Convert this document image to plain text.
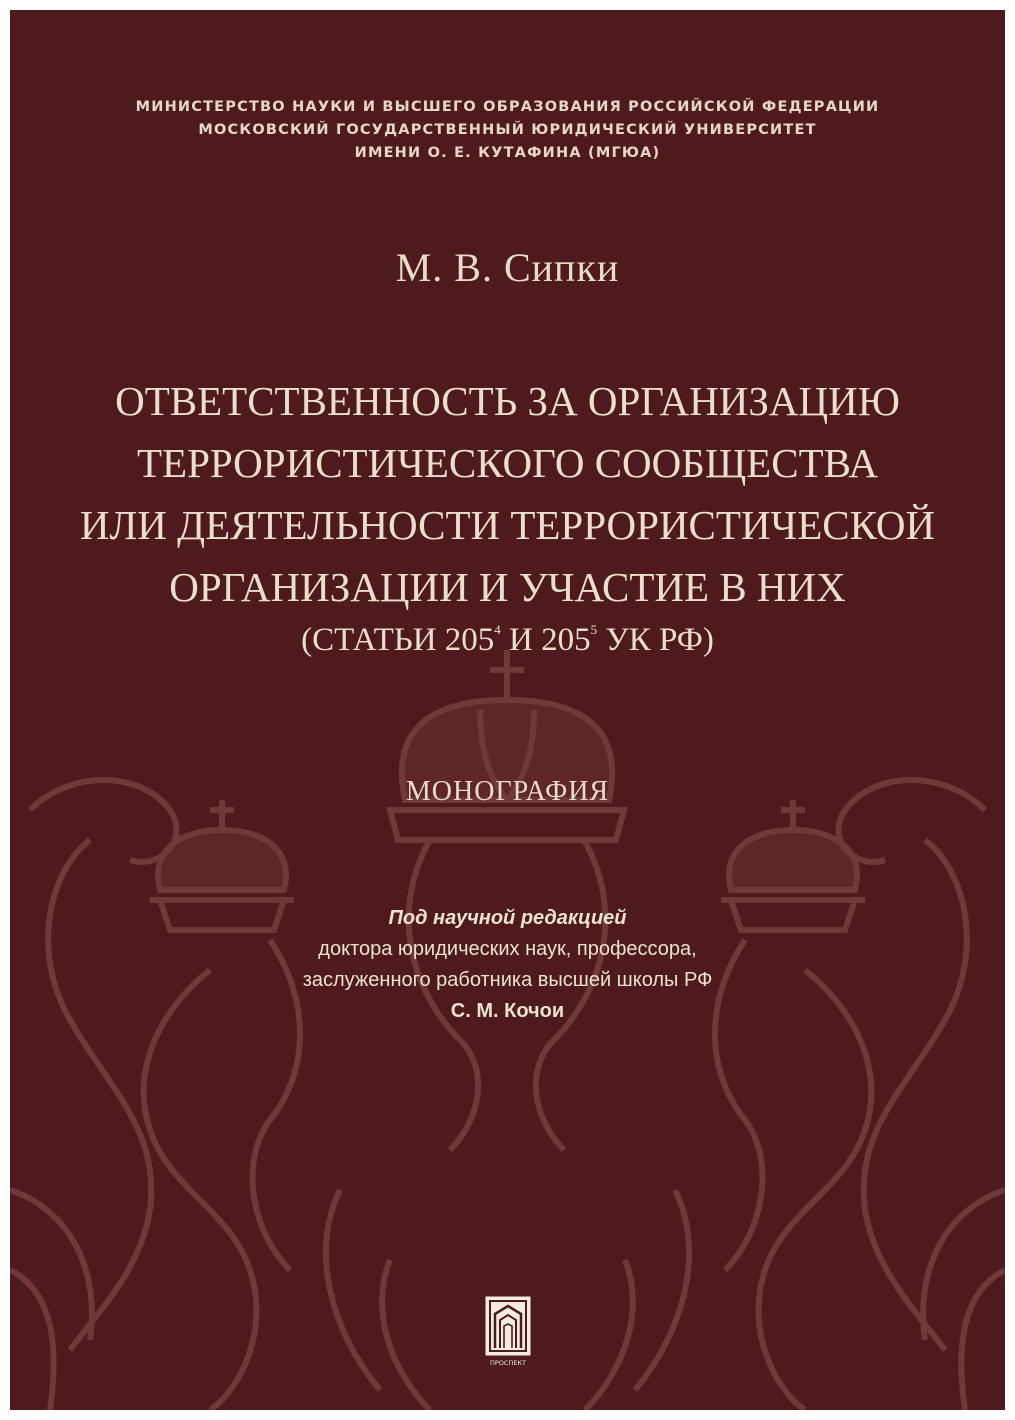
МИНИСТЕРСТВО НАУКИ И ВЫСШЕГО ОБРАЗОВАНИЯ РОССИЙСКОЙ ФЕДЕРАЦИИ
МОСКОВСКИЙ ГОСУДАРСТВЕННЫЙ ЮРИДИЧЕСКИЙ УНИВЕРСИТЕТ
ИМЕНИ О. Е. КУТАФИНА (МГЮА)
М. В. Сипки
ОТВЕТСТВЕННОСТЬ ЗА ОРГАНИЗАЦИЮ
ТЕРРОРИСТИЧЕСКОГО СООБЩЕСТВА
ИЛИ ДЕЯТЕЛЬНОСТИ ТЕРРОРИСТИЧЕСКОЙ
ОРГАНИЗАЦИИ И УЧАСТИЕ В НИХ
(СТАТЬИ $205^4$ И $205^5$ УК РФ)
МОНОГРАФИЯ
Под научной редакцией
доктора юридических наук, профессора,
заслуженного работника высшей школы РФ
С. М. Кочои
ПРОСПЕКТ
